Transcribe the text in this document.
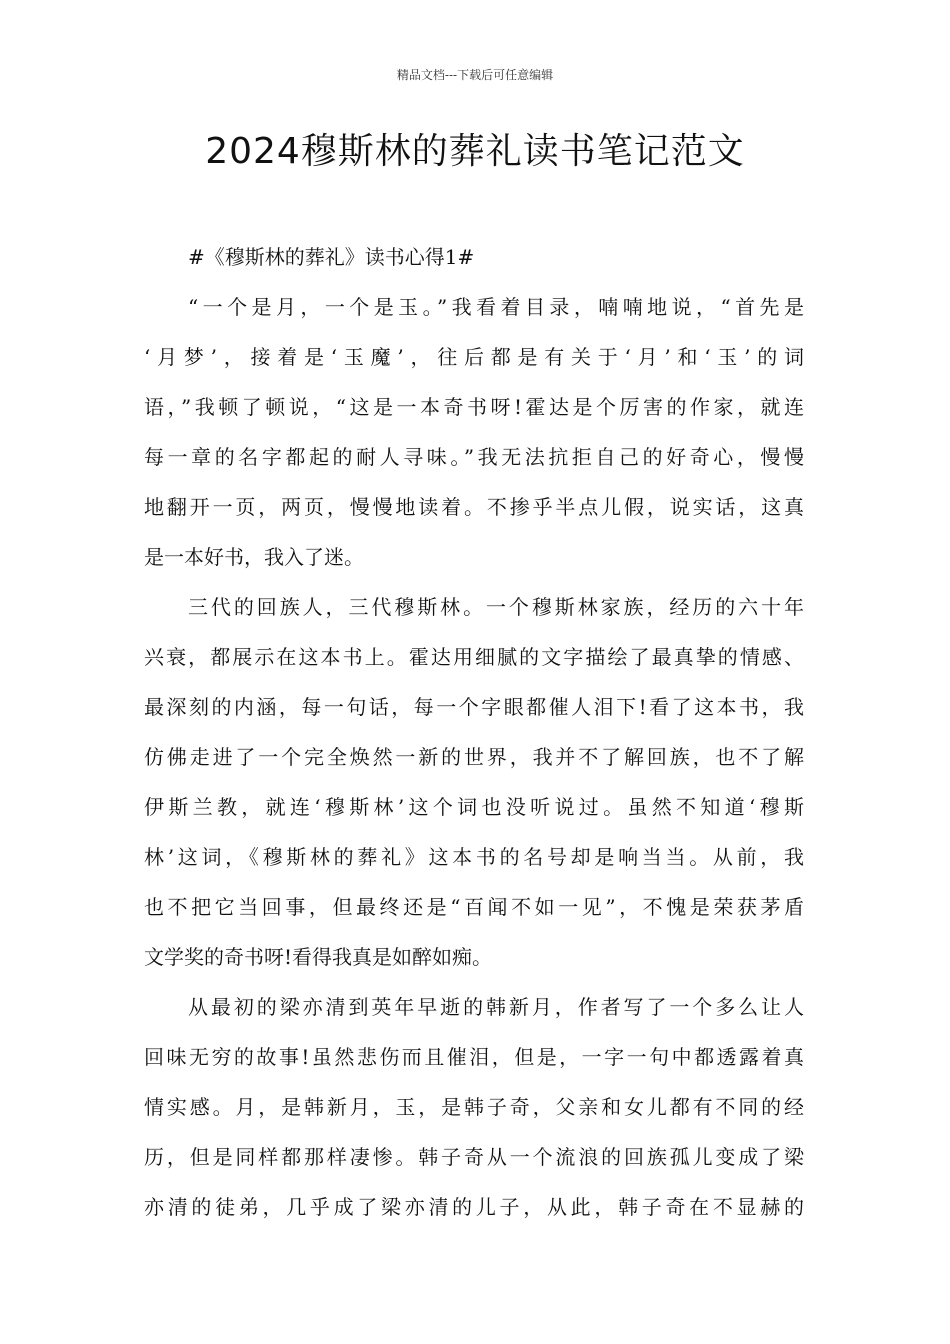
精品文档---下载后可任意编辑
2024穆斯林的葬礼读书笔记范文

#《穆斯林的葬礼》读书心得1#

“一个是月，一个是玉。”我看着目录，喃喃地说，“首先是
‘月梦’，接着是‘玉魔’，往后都是有关于‘月’和‘玉’的词
语，”我顿了顿说，“这是一本奇书呀!霍达是个厉害的作家，就连
每一章的名字都起的耐人寻味。”我无法抗拒自己的好奇心，慢慢
地翻开一页，两页，慢慢地读着。不掺乎半点儿假，说实话，这真
是一本好书，我入了迷。
三代的回族人，三代穆斯林。一个穆斯林家族，经历的六十年
兴衰，都展示在这本书上。霍达用细腻的文字描绘了最真挚的情感、
最深刻的内涵，每一句话，每一个字眼都催人泪下!看了这本书，我
仿佛走进了一个完全焕然一新的世界，我并不了解回族，也不了解
伊斯兰教，就连‘穆斯林’这个词也没听说过。虽然不知道‘穆斯
林’这词，《穆斯林的葬礼》这本书的名号却是响当当。从前，我
也不把它当回事，但最终还是“百闻不如一见”，不愧是荣获茅盾
文学奖的奇书呀!看得我真是如醉如痴。
从最初的梁亦清到英年早逝的韩新月，作者写了一个多么让人
回味无穷的故事!虽然悲伤而且催泪，但是，一字一句中都透露着真
情实感。月，是韩新月，玉，是韩子奇，父亲和女儿都有不同的经
历，但是同样都那样凄惨。韩子奇从一个流浪的回族孤儿变成了梁
亦清的徒弟，几乎成了梁亦清的儿子，从此，韩子奇在不显赫的
